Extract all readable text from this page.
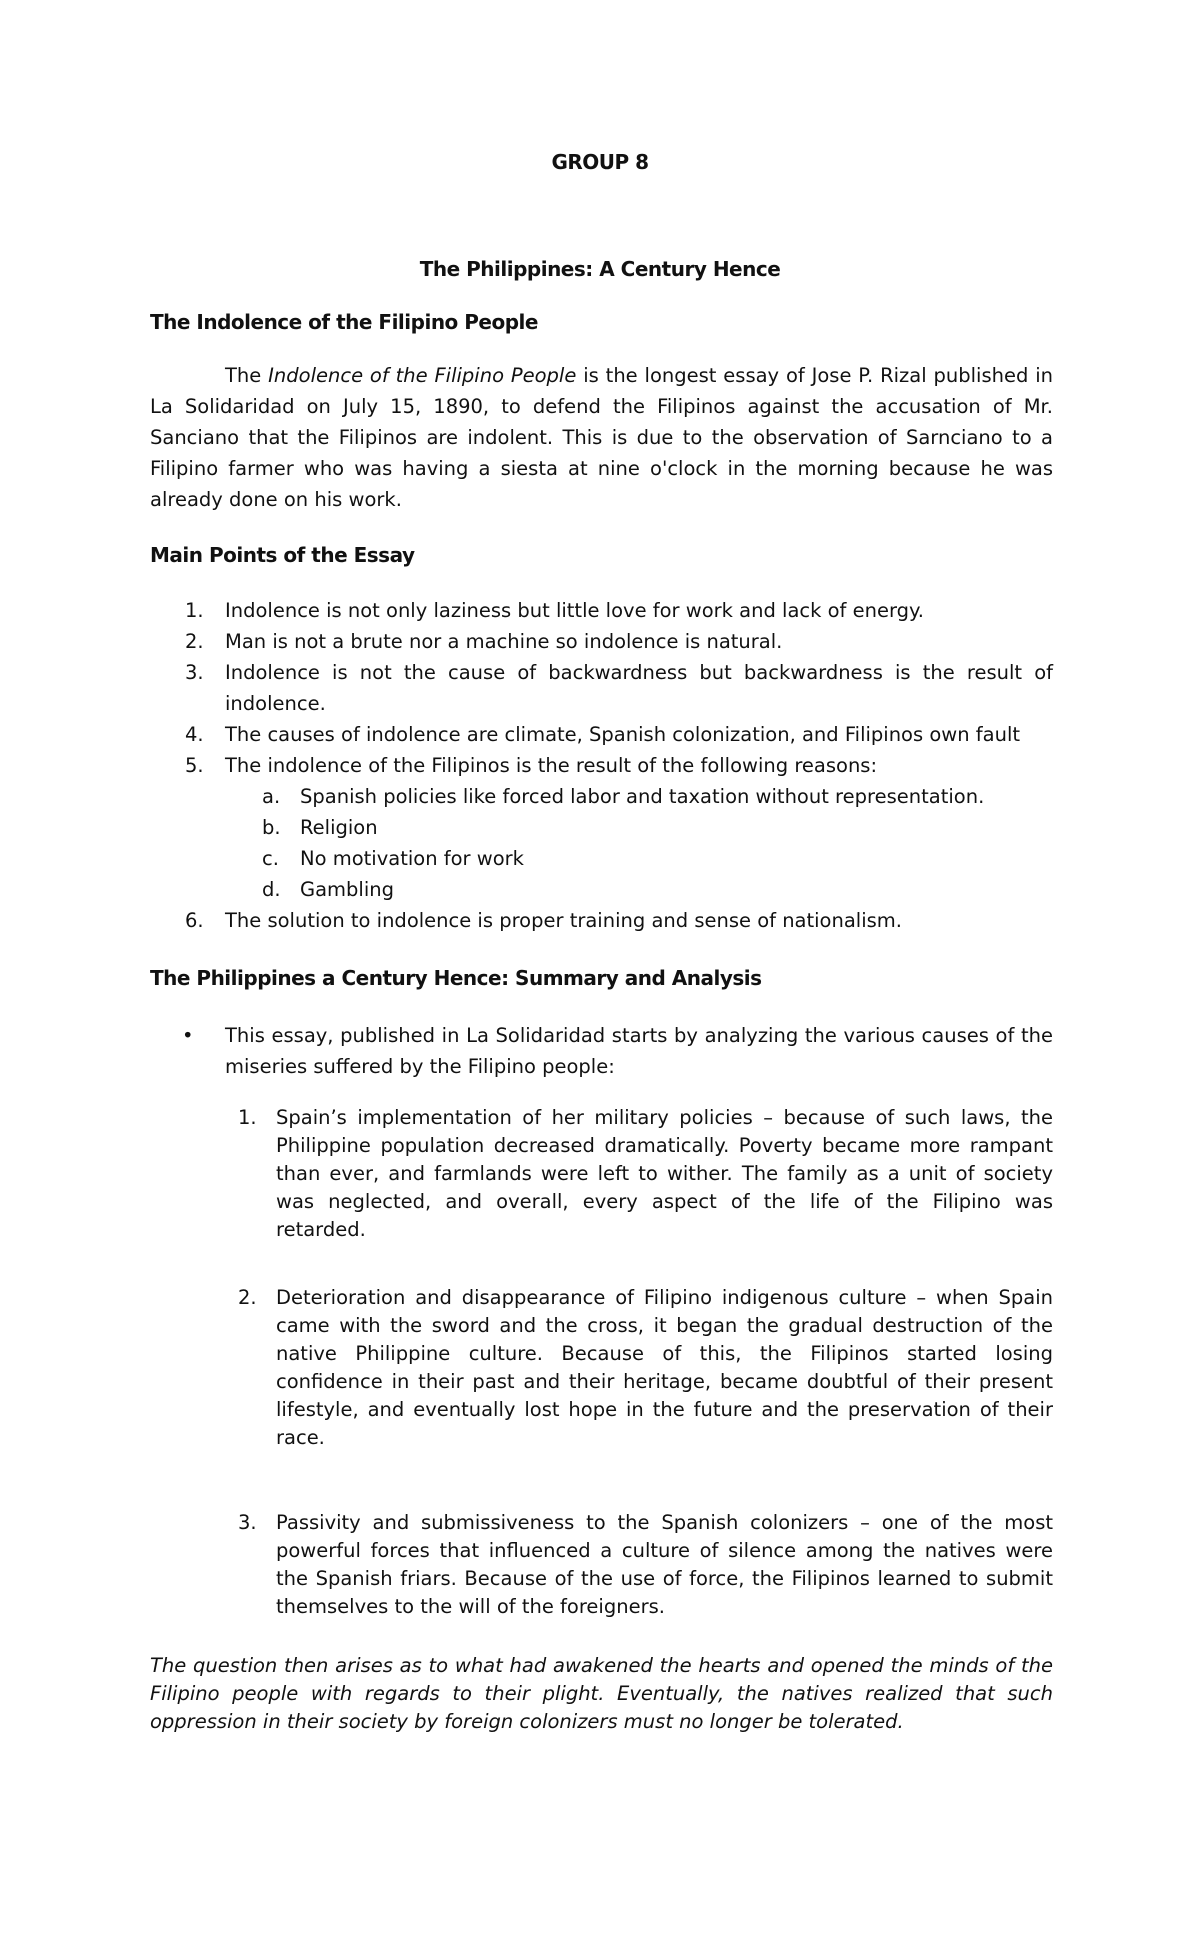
GROUP 8
The Philippines: A Century Hence
The Indolence of the Filipino People

The Indolence of the Filipino People is the longest essay of Jose P. Rizal published in La Solidaridad on July 15, 1890, to defend the Filipinos against the accusation of Mr. Sanciano that the Filipinos are indolent. This is due to the observation of Sarnciano to a Filipino farmer who was having a siesta at nine o'clock in the morning because he was already done on his work.

Main Points of the Essay
1. Indolence is not only laziness but little love for work and lack of energy.
2. Man is not a brute nor a machine so indolence is natural.
3. Indolence is not the cause of backwardness but backwardness is the result of indolence.
4. The causes of indolence are climate, Spanish colonization, and Filipinos own fault
5. The indolence of the Filipinos is the result of the following reasons:
a. Spanish policies like forced labor and taxation without representation.
b. Religion
c. No motivation for work
d. Gambling
6. The solution to indolence is proper training and sense of nationalism.
The Philippines a Century Hence: Summary and Analysis
• This essay, published in La Solidaridad starts by analyzing the various causes of the miseries suffered by the Filipino people:
1. Spain’s implementation of her military policies – because of such laws, the Philippine population decreased dramatically. Poverty became more rampant than ever, and farmlands were left to wither. The family as a unit of society was neglected, and overall, every aspect of the life of the Filipino was retarded.
2. Deterioration and disappearance of Filipino indigenous culture – when Spain came with the sword and the cross, it began the gradual destruction of the native Philippine culture. Because of this, the Filipinos started losing confidence in their past and their heritage, became doubtful of their present lifestyle, and eventually lost hope in the future and the preservation of their race.
3. Passivity and submissiveness to the Spanish colonizers – one of the most powerful forces that influenced a culture of silence among the natives were the Spanish friars. Because of the use of force, the Filipinos learned to submit themselves to the will of the foreigners.
The question then arises as to what had awakened the hearts and opened the minds of the Filipino people with regards to their plight. Eventually, the natives realized that such oppression in their society by foreign colonizers must no longer be tolerated.
